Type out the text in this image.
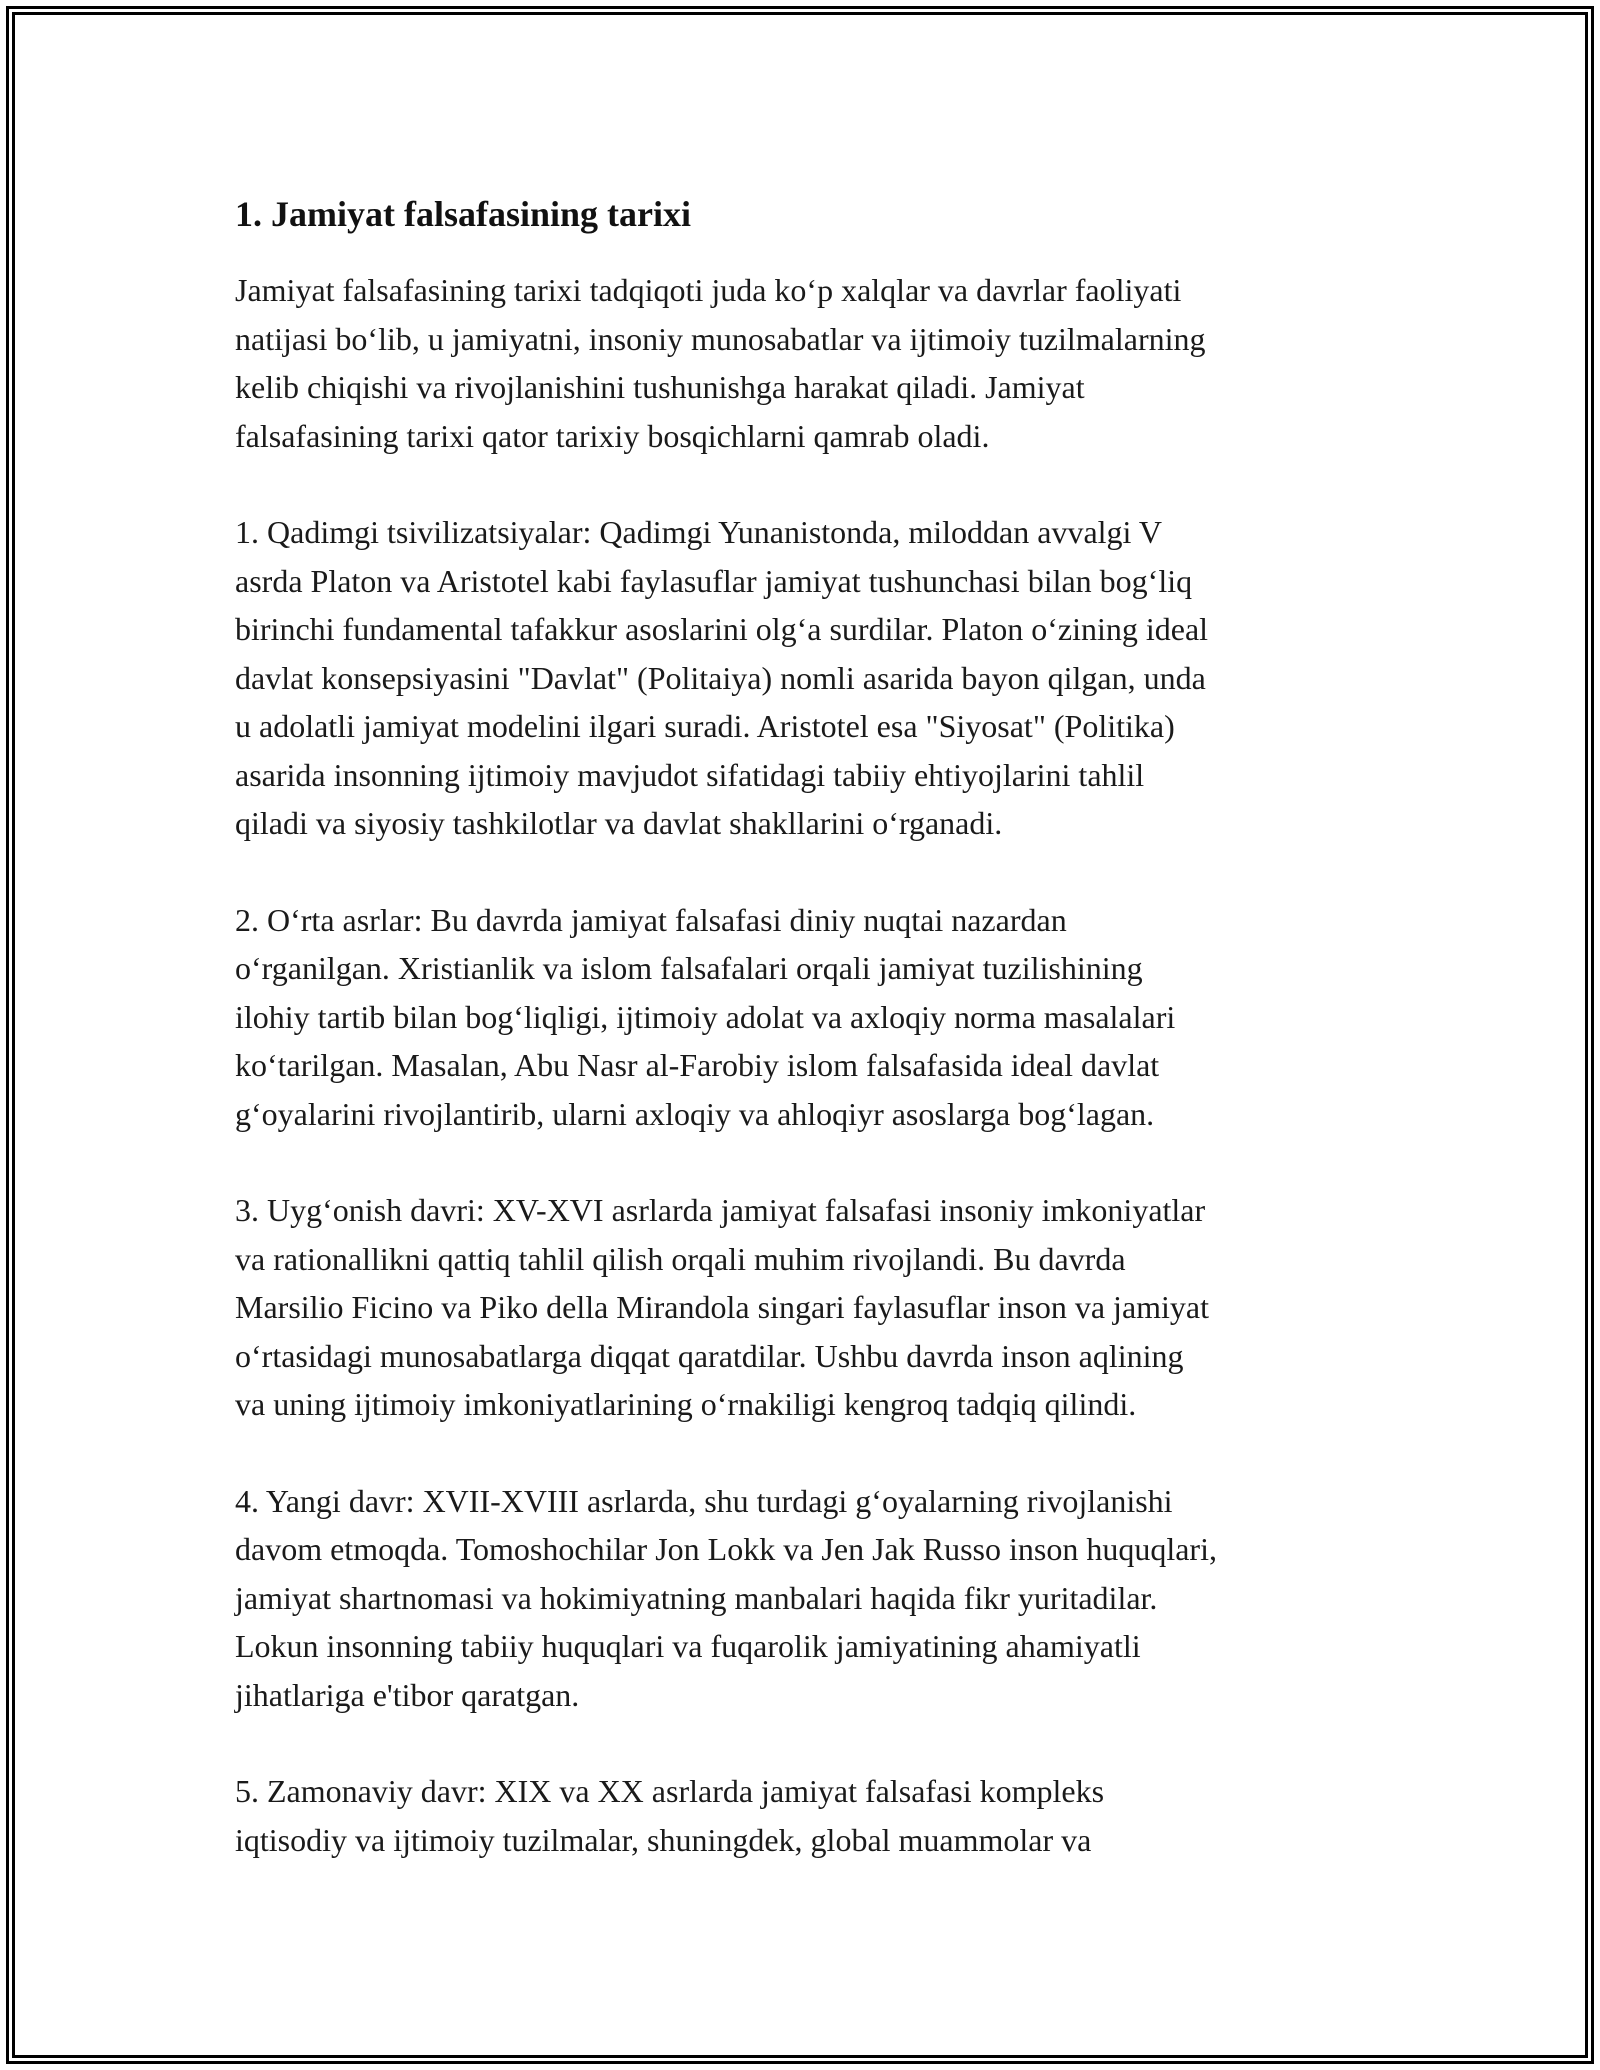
1. Jamiyat falsafasining tarixi

Jamiyat falsafasining tarixi tadqiqoti juda ko‘p xalqlar va davrlar faoliyati
natijasi bo‘lib, u jamiyatni, insoniy munosabatlar va ijtimoiy tuzilmalarning
kelib chiqishi va rivojlanishini tushunishga harakat qiladi. Jamiyat
falsafasining tarixi qator tarixiy bosqichlarni qamrab oladi.

1. Qadimgi tsivilizatsiyalar: Qadimgi Yunanistonda, miloddan avvalgi V
asrda Platon va Aristotel kabi faylasuflar jamiyat tushunchasi bilan bog‘liq
birinchi fundamental tafakkur asoslarini olg‘a surdilar. Platon o‘zining ideal
davlat konsepsiyasini "Davlat" (Politaiya) nomli asarida bayon qilgan, unda
u adolatli jamiyat modelini ilgari suradi. Aristotel esa "Siyosat" (Politika)
asarida insonning ijtimoiy mavjudot sifatidagi tabiiy ehtiyojlarini tahlil
qiladi va siyosiy tashkilotlar va davlat shakllarini o‘rganadi.

2. O‘rta asrlar: Bu davrda jamiyat falsafasi diniy nuqtai nazardan
o‘rganilgan. Xristianlik va islom falsafalari orqali jamiyat tuzilishining
ilohiy tartib bilan bog‘liqligi, ijtimoiy adolat va axloqiy norma masalalari
ko‘tarilgan. Masalan, Abu Nasr al-Farobiy islom falsafasida ideal davlat
g‘oyalarini rivojlantirib, ularni axloqiy va ahloqiyr asoslarga bog‘lagan.

3. Uyg‘onish davri: XV-XVI asrlarda jamiyat falsafasi insoniy imkoniyatlar
va rationallikni qattiq tahlil qilish orqali muhim rivojlandi. Bu davrda
Marsilio Ficino va Piko della Mirandola singari faylasuflar inson va jamiyat
o‘rtasidagi munosabatlarga diqqat qaratdilar. Ushbu davrda inson aqlining
va uning ijtimoiy imkoniyatlarining o‘rnakiligi kengroq tadqiq qilindi.

4. Yangi davr: XVII-XVIII asrlarda, shu turdagi g‘oyalarning rivojlanishi
davom etmoqda. Tomoshochilar Jon Lokk va Jen Jak Russo inson huquqlari,
jamiyat shartnomasi va hokimiyatning manbalari haqida fikr yuritadilar.
Lokun insonning tabiiy huquqlari va fuqarolik jamiyatining ahamiyatli
jihatlariga e'tibor qaratgan.

5. Zamonaviy davr: XIX va XX asrlarda jamiyat falsafasi kompleks
iqtisodiy va ijtimoiy tuzilmalar, shuningdek, global muammolar va
